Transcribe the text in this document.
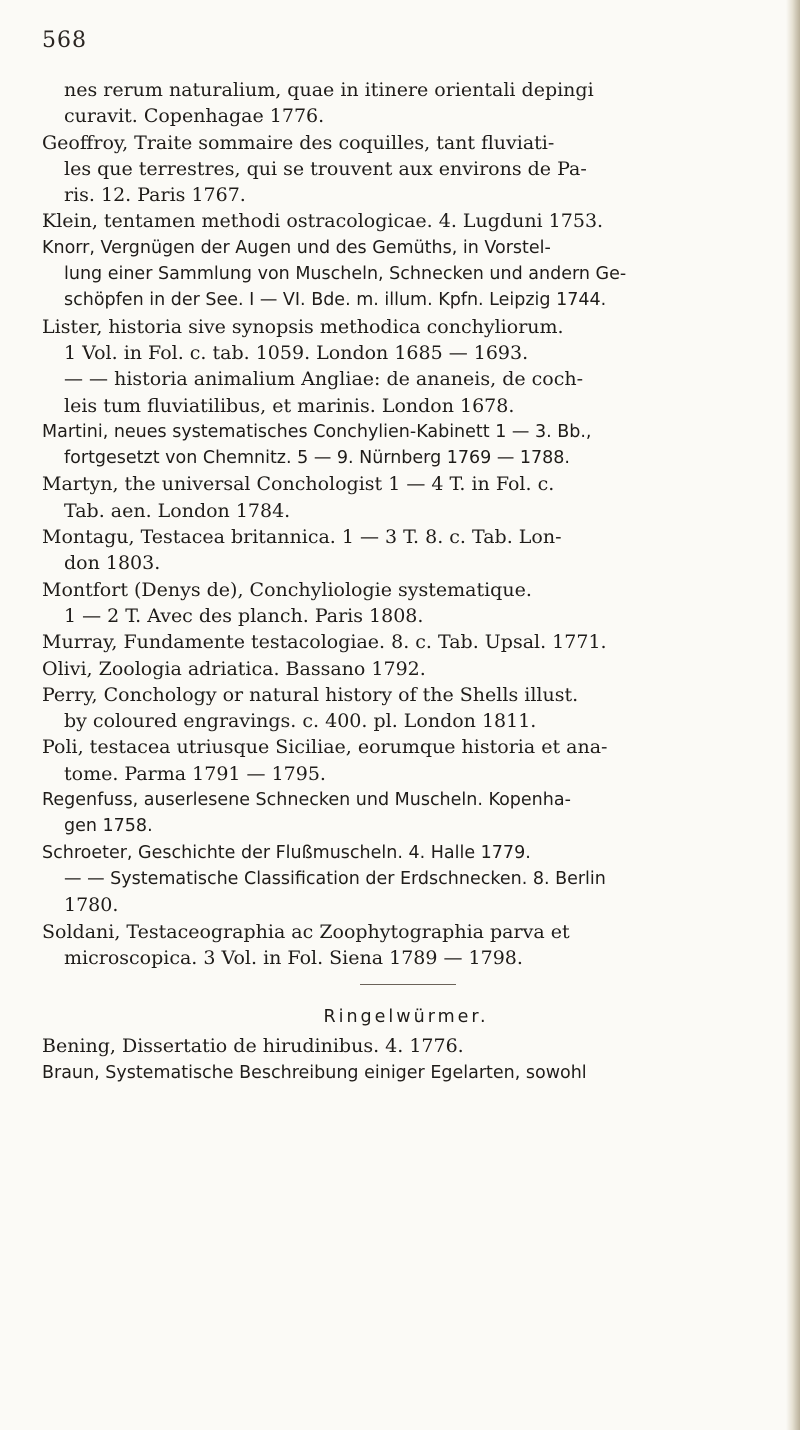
568
nes rerum naturalium, quae in itinere orientali depingi
curavit. Copenhagae 1776.
Geoffroy, Traite sommaire des coquilles, tant fluviati-
les que terrestres, qui se trouvent aux environs de Pa-
ris. 12. Paris 1767.
Klein, tentamen methodi ostracologicae. 4. Lugduni 1753.
Knorr, Vergnügen der Augen und des Gemüths, in Vorstel-
lung einer Sammlung von Muscheln, Schnecken und andern Ge-
schöpfen in der See. I — VI. Bde. m. illum. Kpfn. Leipzig 1744.
Lister, historia sive synopsis methodica conchyliorum.
1 Vol. in Fol. c. tab. 1059. London 1685 — 1693.
— — historia animalium Angliae: de ananeis, de coch-
leis tum fluviatilibus, et marinis. London 1678.
Martini, neues systematisches Conchylien-Kabinett 1 — 3. Bb.,
fortgesetzt von Chemnitz. 5 — 9. Nürnberg 1769 — 1788.
Martyn, the universal Conchologist 1 — 4 T. in Fol. c.
Tab. aen. London 1784.
Montagu, Testacea britannica. 1 — 3 T. 8. c. Tab. Lon-
don 1803.
Montfort (Denys de), Conchyliologie systematique.
1 — 2 T. Avec des planch. Paris 1808.
Murray, Fundamente testacologiae. 8. c. Tab. Upsal. 1771.
Olivi, Zoologia adriatica. Bassano 1792.
Perry, Conchology or natural history of the Shells illust.
by coloured engravings. c. 400. pl. London 1811.
Poli, testacea utriusque Siciliae, eorumque historia et ana-
tome. Parma 1791 — 1795.
Regenfuss, auserlesene Schnecken und Muscheln. Kopenha-
gen 1758.
Schroeter, Geschichte der Flußmuscheln. 4. Halle 1779.
— — Systematische Classification der Erdschnecken. 8. Berlin
1780.
Soldani, Testaceographia ac Zoophytographia parva et
microscopica. 3 Vol. in Fol. Siena 1789 — 1798.
Ringelwürmer.
Bening, Dissertatio de hirudinibus. 4. 1776.
Braun, Systematische Beschreibung einiger Egelarten, sowohl
